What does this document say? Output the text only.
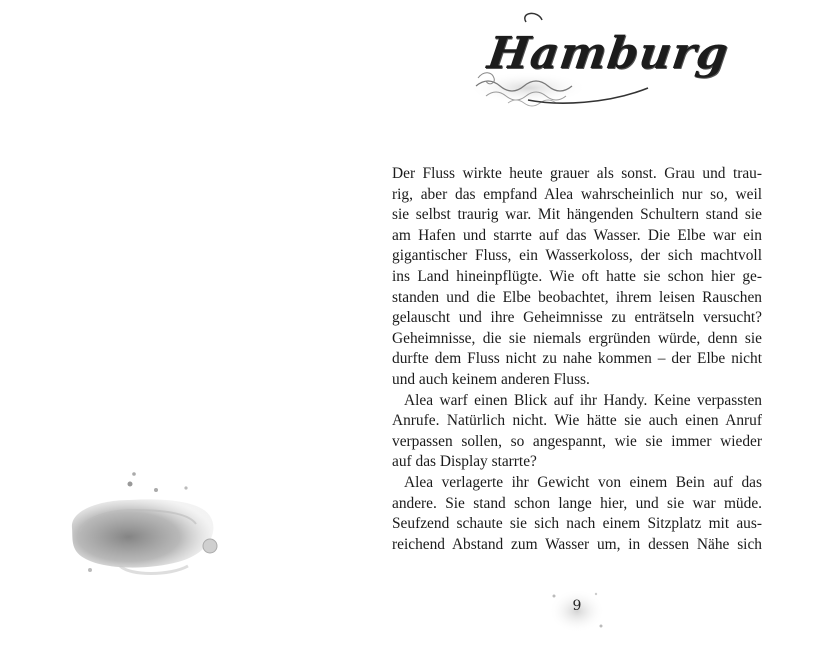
Hamburg
Der Fluss wirkte heute grauer als sonst. Grau und trau-
rig, aber das empfand Alea wahrscheinlich nur so, weil
sie selbst traurig war. Mit hängenden Schultern stand sie
am Hafen und starrte auf das Wasser. Die Elbe war ein
gigantischer Fluss, ein Wasserkoloss, der sich machtvoll
ins Land hineinpflügte. Wie oft hatte sie schon hier ge-
standen und die Elbe beobachtet, ihrem leisen Rauschen
gelauscht und ihre Geheimnisse zu enträtseln versucht?
Geheimnisse, die sie niemals ergründen würde, denn sie
durfte dem Fluss nicht zu nahe kommen – der Elbe nicht
und auch keinem anderen Fluss.
Alea warf einen Blick auf ihr Handy. Keine verpassten
Anrufe. Natürlich nicht. Wie hätte sie auch einen Anruf
verpassen sollen, so angespannt, wie sie immer wieder
auf das Display starrte?
Alea verlagerte ihr Gewicht von einem Bein auf das
andere. Sie stand schon lange hier, und sie war müde.
Seufzend schaute sie sich nach einem Sitzplatz mit aus-
reichend Abstand zum Wasser um, in dessen Nähe sich
9
